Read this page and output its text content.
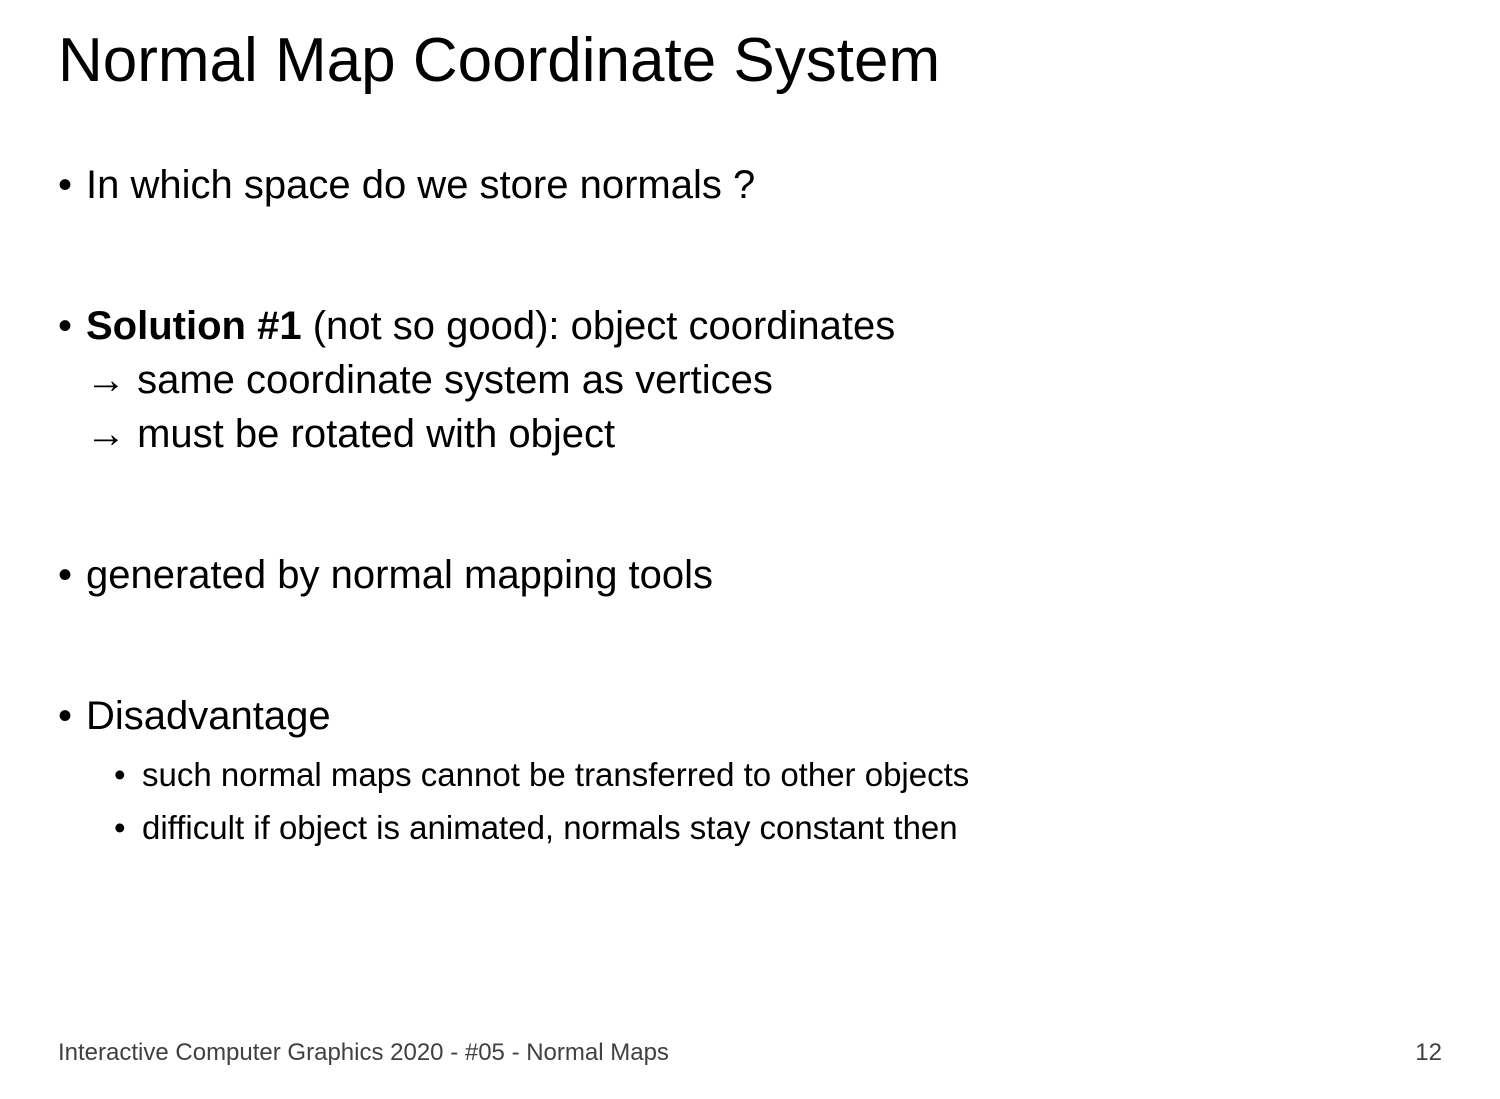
Normal Map Coordinate System
• In which space do we store normals ?
• Solution #1 (not so good): object coordinates
→ same coordinate system as vertices
→ must be rotated with object
• generated by normal mapping tools
• Disadvantage
• such normal maps cannot be transferred to other objects
• difficult if object is animated, normals stay constant then
Interactive Computer Graphics 2020 - #05 - Normal Maps	12
